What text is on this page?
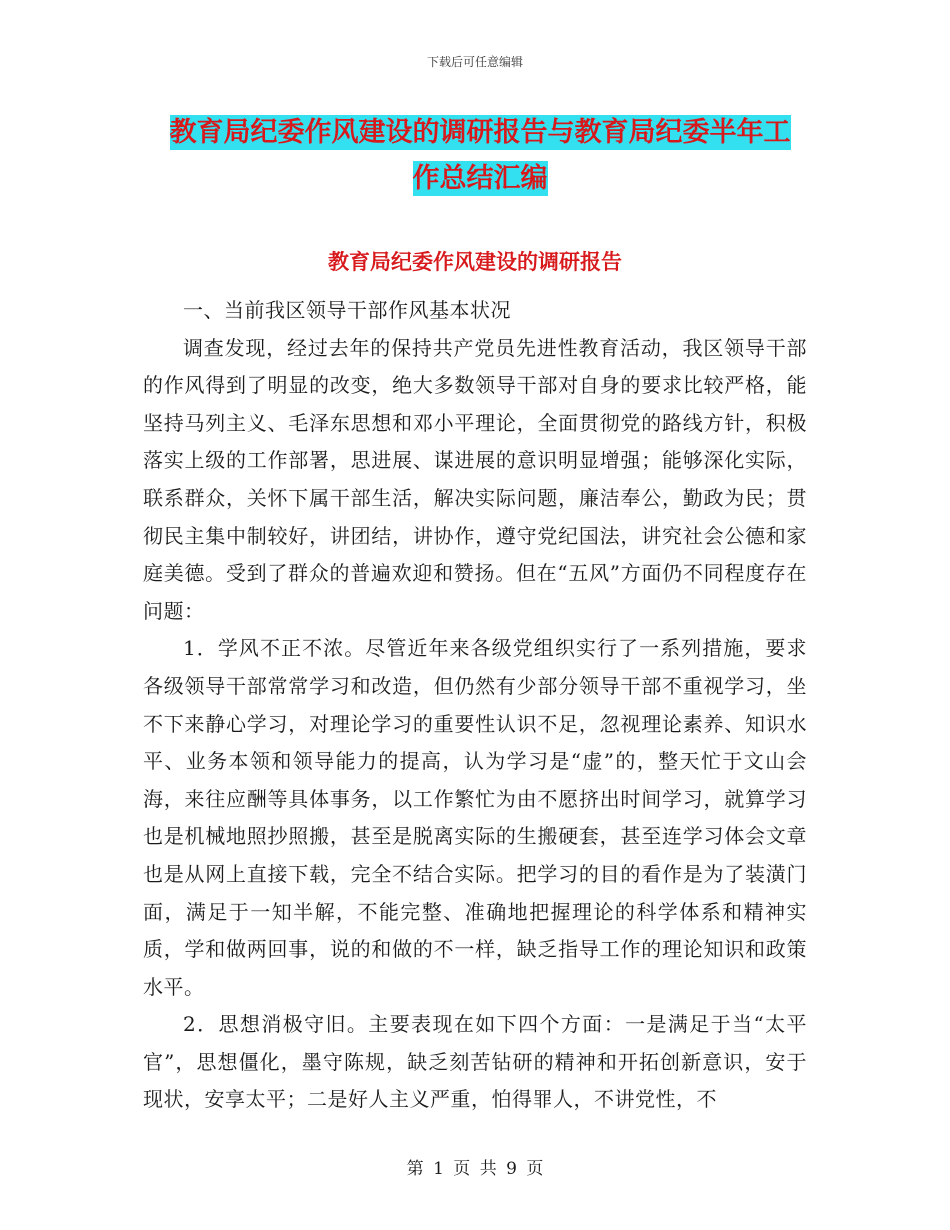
下载后可任意编辑
教育局纪委作风建设的调研报告与教育局纪委半年工
作总结汇编
教育局纪委作风建设的调研报告

一、当前我区领导干部作风基本状况

调查发现，经过去年的保持共产党员先进性教育活动，我区领导干部的作风得到了明显的改变，绝大多数领导干部对自身的要求比较严格，能坚持马列主义、毛泽东思想和邓小平理论，全面贯彻党的路线方针，积极落实上级的工作部署，思进展、谋进展的意识明显增强；能够深化实际，联系群众，关怀下属干部生活，解决实际问题，廉洁奉公，勤政为民；贯彻民主集中制较好，讲团结，讲协作，遵守党纪国法，讲究社会公德和家庭美德。受到了群众的普遍欢迎和赞扬。但在“五风”方面仍不同程度存在问题：

1．学风不正不浓。尽管近年来各级党组织实行了一系列措施，要求各级领导干部常常学习和改造，但仍然有少部分领导干部不重视学习，坐不下来静心学习，对理论学习的重要性认识不足，忽视理论素养、知识水平、业务本领和领导能力的提高，认为学习是“虚”的，整天忙于文山会海，来往应酬等具体事务，以工作繁忙为由不愿挤出时间学习，就算学习也是机械地照抄照搬，甚至是脱离实际的生搬硬套，甚至连学习体会文章也是从网上直接下载，完全不结合实际。把学习的目的看作是为了装潢门面，满足于一知半解，不能完整、准确地把握理论的科学体系和精神实质，学和做两回事，说的和做的不一样，缺乏指导工作的理论知识和政策水平。

2．思想消极守旧。主要表现在如下四个方面：一是满足于当“太平官”，思想僵化，墨守陈规，缺乏刻苦钻研的精神和开拓创新意识，安于现状，安享太平；二是好人主义严重，怕得罪人，不讲党性，不

第 1 页 共 9 页
